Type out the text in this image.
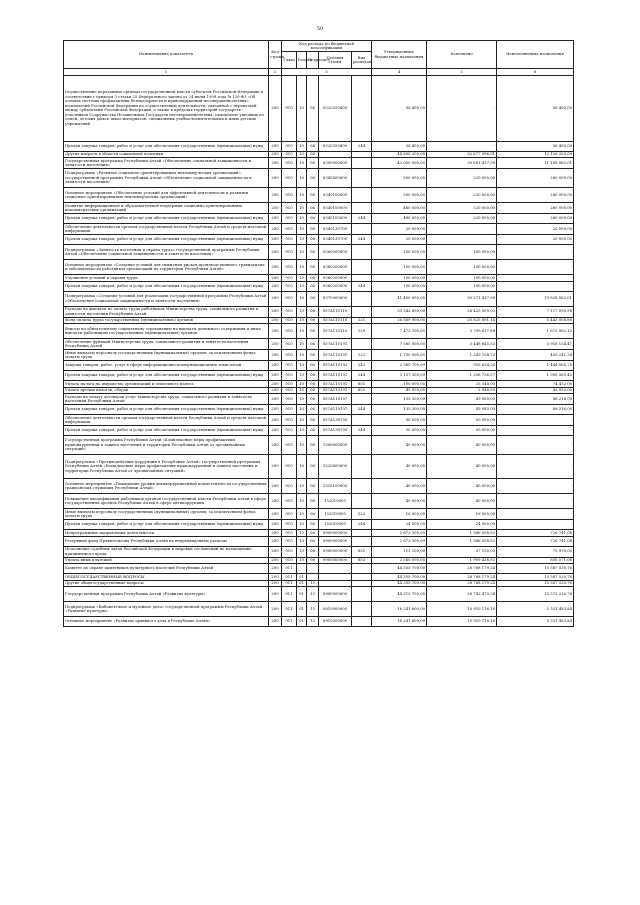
50
Наименование показателя	Код строки	Код расхода по бюджетной классификации					Утвержденные бюджетные назначения	Исполнено	Неисполненные назначения
		Глава	Раздел	Подраздел	Целевая статья	Вид расходов			
1	2	3					4	5	6
Осуществление переданных органам государственной власти субъектов Российской Федерации в соответствии с пунктом 3 статьи 25 Федерального закона от 24 июня 1999 года № 120-ФЗ «Об основах системы профилактики безнадзорности и правонарушений несовершеннолетних» полномочий Российской Федерации по осуществлению деятельности, связанной с перевозкой между субъектами Российской Федерации, а также в пределах территорий государств - участников Содружества Независимых Государств несовершеннолетних, самовольно ушедших из семей, детских домов, школ-интернатов, специальных учебно-воспитательных и иных детских учреждений	200	910	10	04	0520359400		56 400,00	-	56 400,00
Прочая закупка товаров, работ и услуг для обеспечения государственных (муниципальных) нужд	200	910	10	04	0520359400	244	56 400,00	-	56 400,00
Другие вопросы в области социальной политики	200	910	10	06			44 800 200,00	32 677 996,91	12 126 203,09
Государственная программа Республики Алтай «Обеспечение социальной защищенности и занятости населения»	200	910	10	06	0500000000		42 000 000,00	30 891 437,99	11 108 562,01
Подпрограмма «Развитие социально ориентированных некоммерческих организаций» государственной программы Республики Алтай «Обеспечение социальной защищенности и занятости населения»	200	910	10	06	0540000000		500 000,00	220 000,00	280 000,00
Основное мероприятие «Обеспечение условий для эффективной деятельности и развития социально ориентированных некоммерческих организаций»	200	910	10	06	0540100000		500 000,00	220 000,00	280 000,00
Развитие информационной и образовательной поддержки социально ориентированных некоммерческих организаций	200	910	10	06	0540100000		480 000,00	220 000,00	260 000,00
Прочая закупка товаров, работ и услуг для обеспечения государственных (муниципальных) нужд	200	910	10	06	0540100000	244	480 000,00	220 000,00	260 000,00
Обеспечение деятельности органов государственной власти Республики Алтай и средств массовой информации	200	910	10	06	0540139700		20 000,00	-	20 000,00
Прочая закупка товаров, работ и услуг для обеспечения государственных (муниципальных) нужд	200	910	10	06	0540139700	244	20 000,00	-	20 000,00
Подпрограмма «Занятость населения и охрана труда» государственной программы Республики Алтай «Обеспечение социальной защищенности и занятости населения»	200	910	10	06	0560000000		100 000,00	100 000,00	-
Основное мероприятие «Создание условий для снижения рисков производственного травматизма и заболеваемости работников организаций на территории Республики Алтай»	200	910	10	06	0560200000		100 000,00	100 000,00	-
Улучшение условий и охраны труда	200	910	10	06	0560200000		100 000,00	100 000,00	
Прочая закупка товаров, работ и услуг для обеспечения государственных (муниципальных) нужд	200	910	10	06	0560200000	244	100 000,00	100 000,00	
Подпрограмма «Создание условий для реализации государственной программы Республики Алтай «Обеспечение социальной защищенности и занятости населения»	200	910	10	06	0570000000		41 400 000,00	30 571 437,99	10 828 562,01
Расходы на выплаты по оплате труда работников Министерства труда, социального развития и занятости населения Республики Алтай	200	910	10	06	057А110110		33 542 600,00	26 425 509,02	7 117 090,98
Фонд оплаты труда государственных (муниципальных) органов	200	910	10	06	057А110110	121	26 069 900,00	20 625 891,14	5 443 008,86
Взносы по обязательному социальному страхованию на выплаты денежного содержания и иные выплаты работникам государственных (муниципальных) органов	200	910	10	06	057А110110	129	7 472 700,00	5 799 617,88	1 673 082,12
Обеспечение функций Министерства труда, социального развития и занятости населения Республики Алтай	200	910	10	06	057А110191		7 365 000,00	3 448 845,53	3 916 154,47
Иные выплаты персоналу государственных (муниципальных) органов, за исключением фонда оплаты труда	200	910	10	06	057А110191	122	1 700 000,00	1 249 758,72	450 241,28
Закупка товаров, работ, услуг в сфере информационно-коммуникационных технологий	200	910	10	06	057А110191	242	2 360 700,00	916 634,24	1 444 065,76
Прочая закупка товаров, работ и услуг для обеспечения государственных (муниципальных) нужд	200	910	10	06	057А110191	244	3 157 300,00	1 256 736,57	1 900 563,43
Уплата налога на имущество организаций и земельного налога	200	910	10	06	057А110191	851	100 000,00	25 548,00	74 452,00
Уплата прочих налогов, сборов	200	910	10	06	057А110191	852	45 000,00	2 948,00	42 052,00
Расходы на оплату договоров услуг Министерства труда, социального развития и занятости населения Республики Алтай	200	910	10	06	057А110197		135 300,00	49 083,00	86 216,00
Прочая закупка товаров, работ и услуг для обеспечения государственных (муниципальных) нужд	200	910	10	06	057А110197	244	135 300,00	49 083,00	86 216,00
Обеспечение деятельности органов государственной власти Республики Алтай и средств массовой информации	200	910	10	06	057А139700		50 000,00	50 000,00	-
Прочая закупка товаров, работ и услуг для обеспечения государственных (муниципальных) нужд	200	910	10	06	057А139700	244	50 000,00	50 000,00	-
Государственная программа Республики Алтай «Комплексные меры профилактики правонарушений и защита населения и территории Республики Алтай от чрезвычайных ситуаций»	200	910	10	06	1500000000		40 000,00	40 000,00	-
Подпрограмма «Противодействие коррупции в Республике Алтай» государственной программы Республики Алтай «Комплексные меры профилактики правонарушений и защита населения и территории Республики Алтай от чрезвычайных ситуаций»	200	910	10	06	1520000000		40 000,00	40 000,00	-
Основное мероприятие «Повышение уровня антикоррупционной компетентности государственных гражданских служащих Республики Алтай»	200	910	10	06	1520100000		40 000,00	40 000,00	-
Повышение квалификации работников органов государственной власти Республики Алтай в сфере государственных органов Республики Алтай в сфере антикоррупции	200	910	10	06	152010000		40 000,00	40 000,00	-
Иные выплаты персоналу государственных (муниципальных) органов, за исключением фонда оплаты труда	200	910	10	06	152010000	122	16 000,00	16 000,00	-
Прочая закупка товаров, работ и услуг для обеспечения государственных (муниципальных) нужд	200	910	10	06	152010000	244	24 000,00	24 000,00	-
Непрограммные направления деятельности	200	910	10	06	9900000000		2 673 300,00	1 946 558,92	726 741,08
Резервный фонд Правительства Республики Алтай на непредвиденные расходы	200	910	10	06	9900000000		2 673 300,00	1 946 558,92	726 741,08
Исполнение судебных актов Российской Федерации и мировых соглашений по возмещению причиненного вреда	200	910	10	06	9900000000	831	113 100,00	37 130,00	75 970,00
Уплата иных платежей	200	910	10	06	9900000000	853	2 560 000,00	1 909 428,92	650 571,08
Комитет по охране памятников культурного наследия Республики Алтай	200	911					44 355 700,00	28 768 179,24	15 587 520,76
ОБЩЕГОСУДАРСТВЕННЫЕ ВОПРОСЫ	200	911	01				44 355 700,00	28 768 179,24	15 587 520,76
Другие общегосударственные вопросы	200	911	01	13			44 355 700,00	28 768 179,24	15 587 520,76
Государственная программа Республики Алтай «Развитие культуры»	200	911	01	13	0800000000		44 315 700,00	28 742 479,24	15 573 220,76
Подпрограмма «Библиотечное и музейное дело» государственной программы Республики Алтай «Развитие культуры»	200	911	01	13	0810000000		16 241 600,00	10 910 116,16	5 331 483,84
Основное мероприятие «Развитие архивного дела в Республике Алтай»	200	911	01	13	0810200000		16 241 600,00	10 910 116,16	5 331 483,84
